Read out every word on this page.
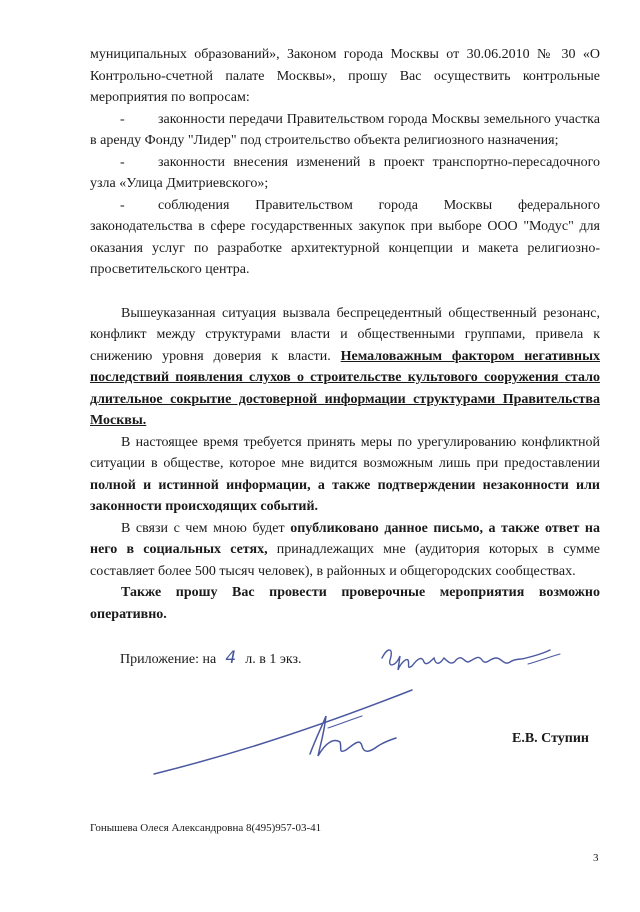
муниципальных образований», Законом города Москвы от 30.06.2010 № 30 «О
Контрольно-счетной палате Москвы», прошу Вас осуществить контрольные
мероприятия по вопросам:

- законности передачи Правительством города Москвы земельного участка в аренду Фонду "Лидер" под строительство объекта религиозного назначения;

- законности внесения изменений в проект транспортно-пересадочного узла «Улица Дмитриевского»;

- соблюдения Правительством города Москвы федерального законодательства в сфере государственных закупок при выборе ООО "Модус" для оказания услуг по разработке архитектурной концепции и макета религиозно-просветительского центра.

Вышеуказанная ситуация вызвала беспрецедентный общественный резонанс, конфликт между структурами власти и общественными группами, привела к снижению уровня доверия к власти. Немаловажным фактором негативных последствий появления слухов о строительстве культового сооружения стало длительное сокрытие достоверной информации структурами Правительства Москвы.

В настоящее время требуется принять меры по урегулированию конфликтной ситуации в обществе, которое мне видится возможным лишь при предоставлении полной и истинной информации, а также подтверждении незаконности или законности происходящих событий.

В связи с чем мною будет опубликовано данное письмо, а также ответ на него в социальных сетях, принадлежащих мне (аудитория которых в сумме составляет более 500 тысяч человек), в районных и общегородских сообществах.

Также прошу Вас провести проверочные мероприятия возможно оперативно.

Приложение: на 4 л. в 1 экз.
Е.В. Ступин
Гонышева Олеся Александровна 8(495)957-03-41
3
